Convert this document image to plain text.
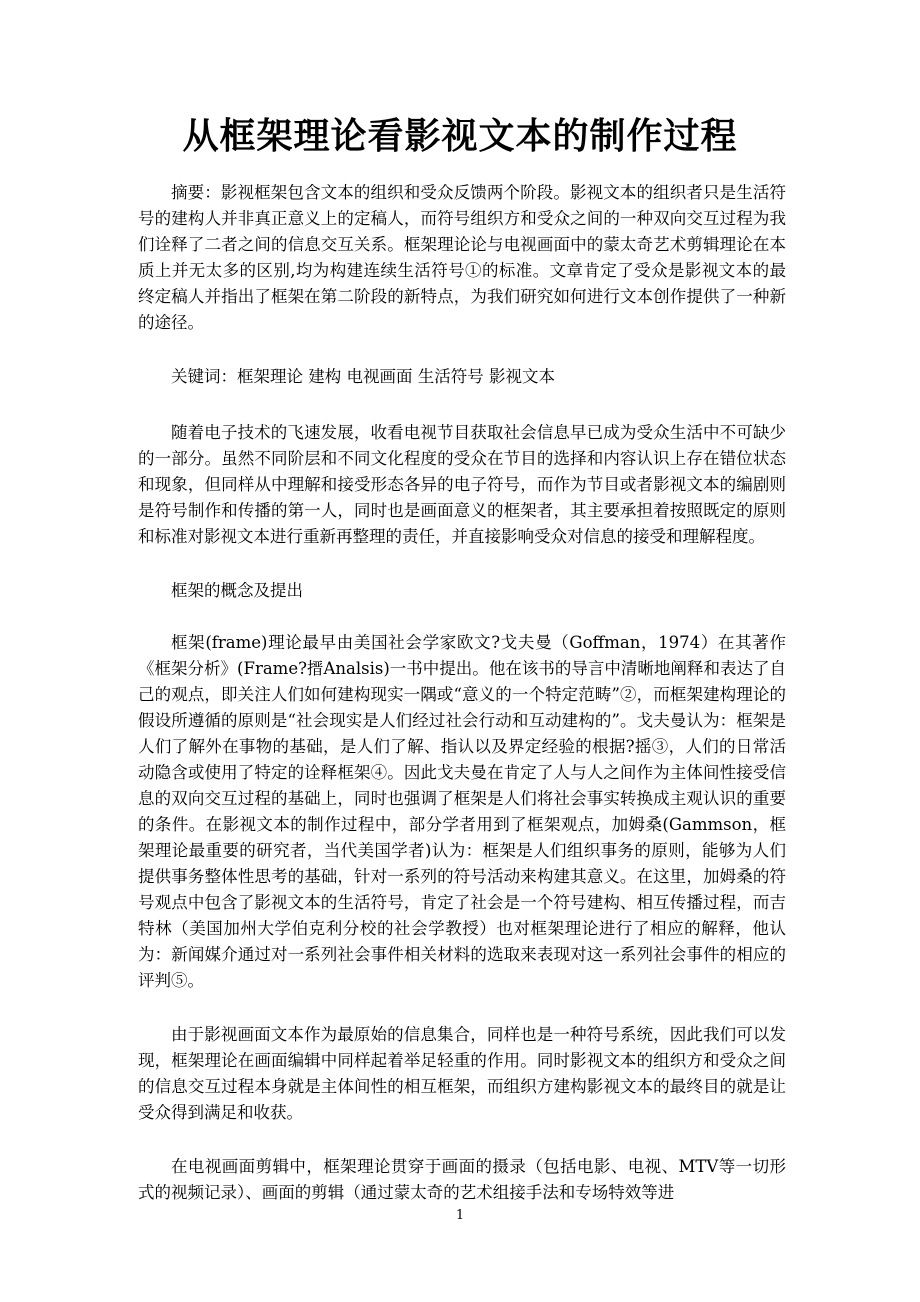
从框架理论看影视文本的制作过程

摘要：影视框架包含文本的组织和受众反馈两个阶段。影视文本的组织者只是生活符号的建构人并非真正意义上的定稿人，而符号组织方和受众之间的一种双向交互过程为我们诠释了二者之间的信息交互关系。框架理论论与电视画面中的蒙太奇艺术剪辑理论在本质上并无太多的区别,均为构建连续生活符号①的标准。文章肯定了受众是影视文本的最终定稿人并指出了框架在第二阶段的新特点，为我们研究如何进行文本创作提供了一种新的途径。

关键词：框架理论 建构 电视画面 生活符号 影视文本

随着电子技术的飞速发展，收看电视节目获取社会信息早已成为受众生活中不可缺少的一部分。虽然不同阶层和不同文化程度的受众在节目的选择和内容认识上存在错位状态和现象，但同样从中理解和接受形态各异的电子符号，而作为节目或者影视文本的编剧则是符号制作和传播的第一人，同时也是画面意义的框架者，其主要承担着按照既定的原则和标准对影视文本进行重新再整理的责任，并直接影响受众对信息的接受和理解程度。

框架的概念及提出

框架(frame)理论最早由美国社会学家欧文?戈夫曼（Goffman，1974）在其著作《框架分析》(Frame?搢Analsis)一书中提出。他在该书的导言中清晰地阐释和表达了自己的观点，即关注人们如何建构现实一隅或“意义的一个特定范畴”②，而框架建构理论的假设所遵循的原则是“社会现实是人们经过社会行动和互动建构的”。戈夫曼认为：框架是人们了解外在事物的基础，是人们了解、指认以及界定经验的根据?摇③，人们的日常活动隐含或使用了特定的诠释框架④。因此戈夫曼在肯定了人与人之间作为主体间性接受信息的双向交互过程的基础上，同时也强调了框架是人们将社会事实转换成主观认识的重要的条件。在影视文本的制作过程中，部分学者用到了框架观点，加姆桑(Gammson，框架理论最重要的研究者，当代美国学者)认为：框架是人们组织事务的原则，能够为人们提供事务整体性思考的基础，针对一系列的符号活动来构建其意义。在这里，加姆桑的符号观点中包含了影视文本的生活符号，肯定了社会是一个符号建构、相互传播过程，而吉特林（美国加州大学伯克利分校的社会学教授）也对框架理论进行了相应的解释，他认为：新闻媒介通过对一系列社会事件相关材料的选取来表现对这一系列社会事件的相应的评判⑤。

由于影视画面文本作为最原始的信息集合，同样也是一种符号系统，因此我们可以发现，框架理论在画面编辑中同样起着举足轻重的作用。同时影视文本的组织方和受众之间的信息交互过程本身就是主体间性的相互框架，而组织方建构影视文本的最终目的就是让受众得到满足和收获。

在电视画面剪辑中，框架理论贯穿于画面的摄录（包括电影、电视、MTV等一切形式的视频记录）、画面的剪辑（通过蒙太奇的艺术组接手法和专场特效等进

1
